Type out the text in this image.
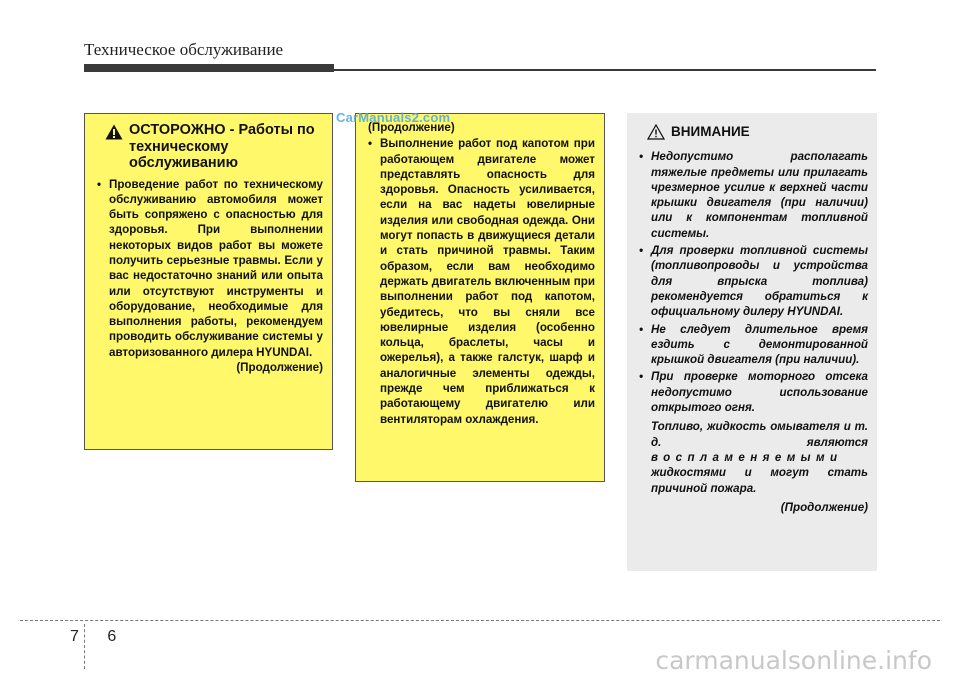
Техническое обслуживание
ОСТОРОЖНО - Работы по техническому обслуживанию
• Проведение работ по техническому обслуживанию автомобиля может быть сопряжено с опасностью для здоровья. При выполнении некоторых видов работ вы можете получить серьезные травмы. Если у вас недостаточно знаний или опыта или отсутствуют инструменты и оборудование, необходимые для выполнения работы, рекомендуем проводить обслуживание системы у авторизованного дилера HYUNDAI.
(Продолжение)
(Продолжение)
• Выполнение работ под капотом при работающем двигателе может представлять опасность для здоровья. Опасность усиливается, если на вас надеты ювелирные изделия или свободная одежда. Они могут попасть в движущиеся детали и стать причиной травмы. Таким образом, если вам необходимо держать двигатель включенным при выполнении работ под капотом, убедитесь, что вы сняли все ювелирные изделия (особенно кольца, браслеты, часы и ожерелья), а также галстук, шарф и аналогичные элементы одежды, прежде чем приближаться к работающему двигателю или вентиляторам охлаждения.
ВНИМАНИЕ
• Недопустимо располагать тяжелые предметы или прилагать чрезмерное усилие к верхней части крышки двигателя (при наличии) или к компонентам топливной системы.
• Для проверки топливной системы (топливопроводы и устройства для впрыска топлива) рекомендуется обратиться к официальному дилеру HYUNDAI.
• Не следует длительное время ездить с демонтированной крышкой двигателя (при наличии).
• При проверке моторного отсека недопустимо использование открытого огня.
Топливо, жидкость омывателя и т. д. являются воспламеняемыми жидкостями и могут стать причиной пожара.
(Продолжение)
CarManuals2.com
7 6
carmanualsonline.info
